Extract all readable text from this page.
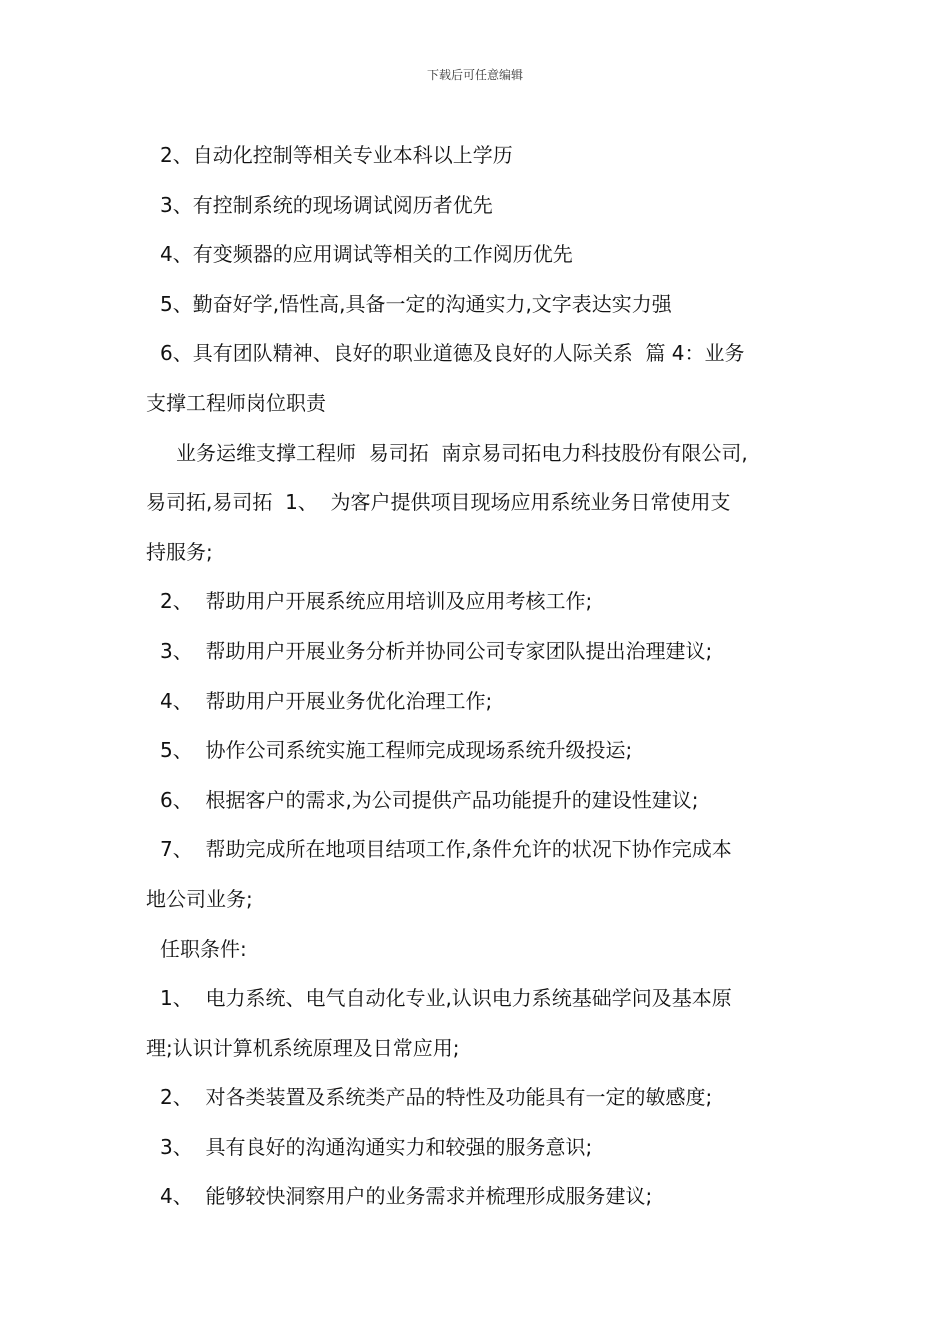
下载后可任意编辑
2、自动化控制等相关专业本科以上学历
3、有控制系统的现场调试阅历者优先
4、有变频器的应用调试等相关的工作阅历优先
5、勤奋好学,悟性高,具备一定的沟通实力,文字表达实力强
6、具有团队精神、良好的职业道德及良好的人际关系  篇 4：业务
支撑工程师岗位职责
业务运维支撑工程师  易司拓  南京易司拓电力科技股份有限公司,
易司拓,易司拓  1、  为客户提供项目现场应用系统业务日常使用支
持服务;
2、  帮助用户开展系统应用培训及应用考核工作;
3、  帮助用户开展业务分析并协同公司专家团队提出治理建议;
4、  帮助用户开展业务优化治理工作;
5、  协作公司系统实施工程师完成现场系统升级投运;
6、  根据客户的需求,为公司提供产品功能提升的建设性建议;
7、  帮助完成所在地项目结项工作,条件允许的状况下协作完成本
地公司业务;
任职条件:
1、  电力系统、电气自动化专业,认识电力系统基础学问及基本原
理;认识计算机系统原理及日常应用;
2、  对各类装置及系统类产品的特性及功能具有一定的敏感度;
3、  具有良好的沟通沟通实力和较强的服务意识;
4、  能够较快洞察用户的业务需求并梳理形成服务建议;
